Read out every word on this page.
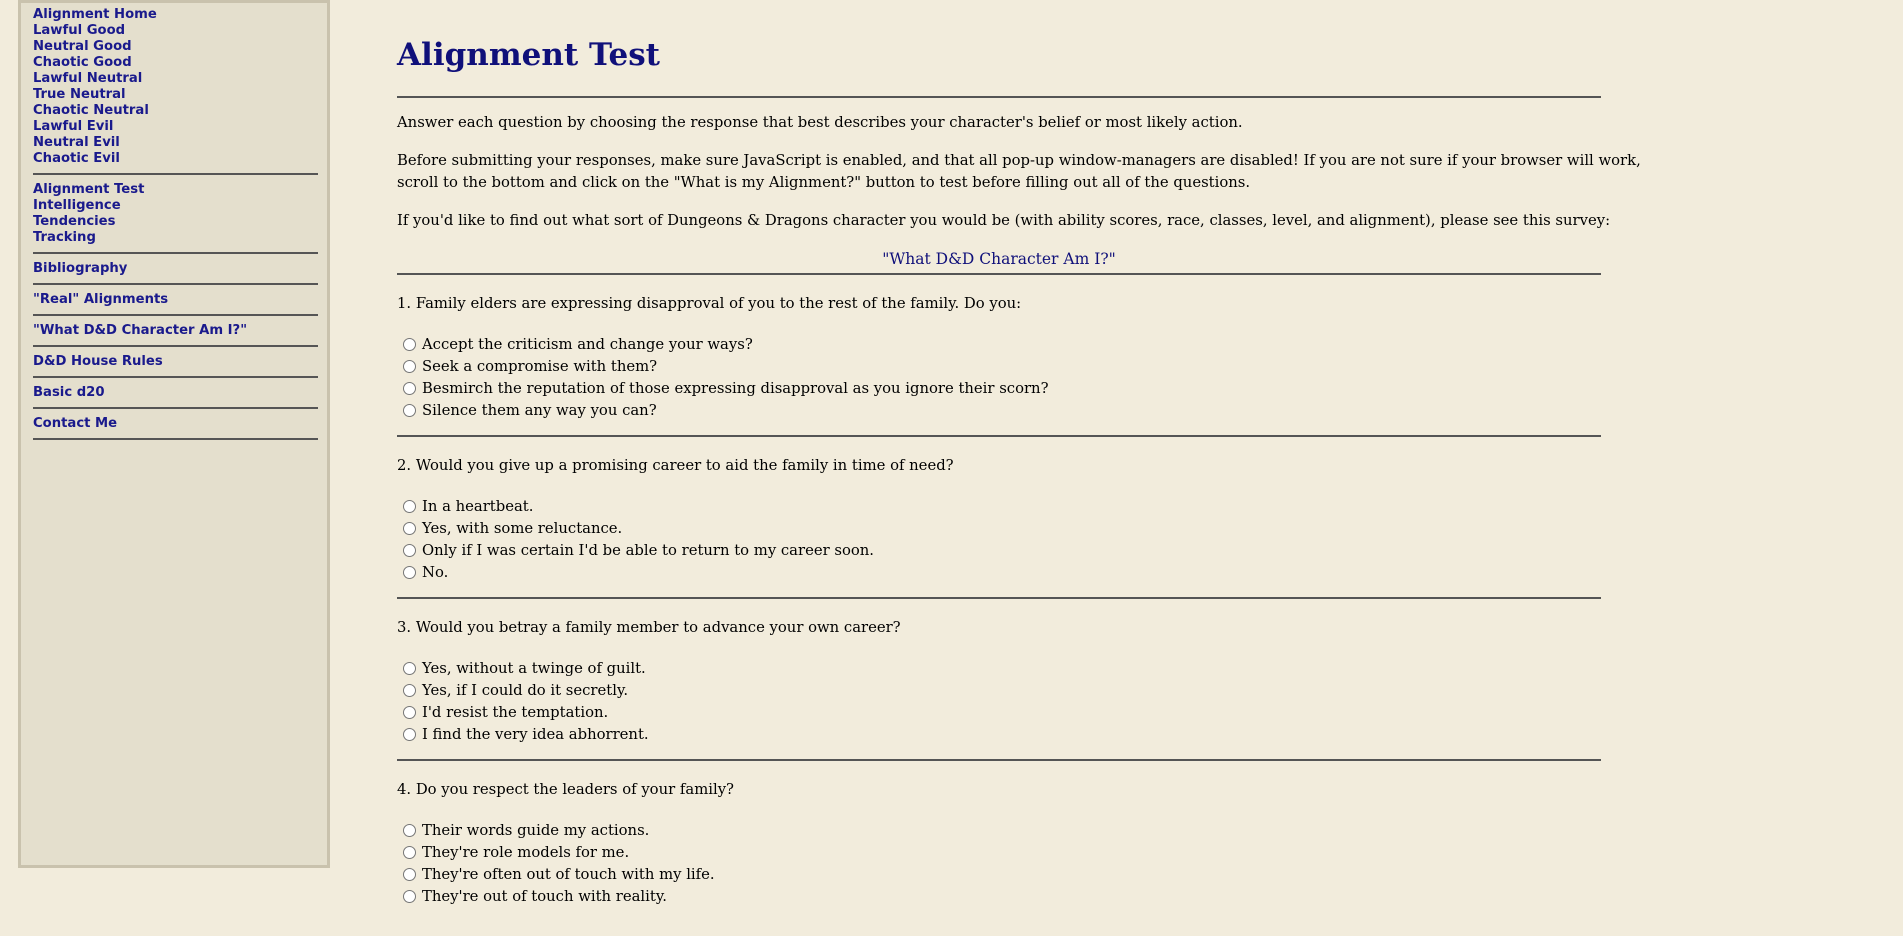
Alignment Home
Lawful Good
Neutral Good
Chaotic Good
Lawful Neutral
True Neutral
Chaotic Neutral
Lawful Evil
Neutral Evil
Chaotic Evil
Alignment Test
Intelligence
Tendencies
Tracking
Bibliography
"Real" Alignments
"What D&D Character Am I?"
D&D House Rules
Basic d20
Contact Me
Alignment Test

Answer each question by choosing the response that best describes your character's belief or most likely action.

Before submitting your responses, make sure JavaScript is enabled, and that all pop-up window-managers are disabled! If you are not sure if your browser will work,

scroll to the bottom and click on the "What is my Alignment?" button to test before filling out all of the questions.

If you'd like to find out what sort of Dungeons & Dragons character you would be (with ability scores, race, classes, level, and alignment), please see this survey:

"What D&D Character Am I?"

1. Family elders are expressing disapproval of you to the rest of the family. Do you:

Accept the criticism and change your ways?
Seek a compromise with them?
Besmirch the reputation of those expressing disapproval as you ignore their scorn?
Silence them any way you can?

2. Would you give up a promising career to aid the family in time of need?

In a heartbeat.
Yes, with some reluctance.
Only if I was certain I'd be able to return to my career soon.
No.

3. Would you betray a family member to advance your own career?

Yes, without a twinge of guilt.
Yes, if I could do it secretly.
I'd resist the temptation.
I find the very idea abhorrent.

4. Do you respect the leaders of your family?

Their words guide my actions.
They're role models for me.
They're often out of touch with my life.
They're out of touch with reality.
